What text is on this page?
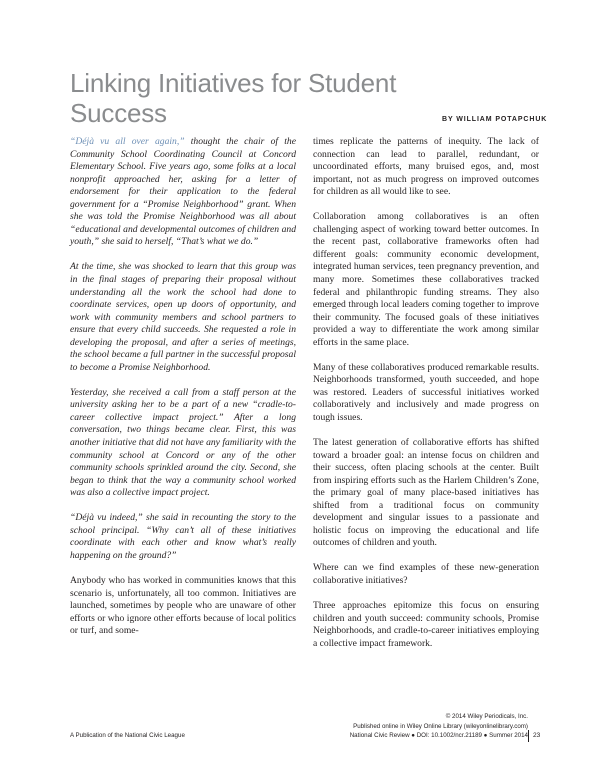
Linking Initiatives for Student Success	BY WILLIAM POTAPCHUK

“Déjà vu all over again,” thought the chair of the Community School Coordinating Council at Concord Elementary School. Five years ago, some folks at a local nonprofit approached her, asking for a letter of endorsement for their application to the federal government for a “Promise Neighborhood” grant. When she was told the Promise Neighborhood was all about “educational and developmental outcomes of children and youth,” she said to herself, “That’s what we do.”

At the time, she was shocked to learn that this group was in the final stages of preparing their proposal without understanding all the work the school had done to coordinate services, open up doors of opportunity, and work with community members and school partners to ensure that every child succeeds. She requested a role in developing the proposal, and after a series of meetings, the school became a full partner in the successful proposal to become a Promise Neighborhood.

Yesterday, she received a call from a staff person at the university asking her to be a part of a new “cradle-to-career collective impact project.” After a long conversation, two things became clear. First, this was another initiative that did not have any familiarity with the community school at Concord or any of the other community schools sprinkled around the city. Second, she began to think that the way a community school worked was also a collective impact project.

“Déjà vu indeed,” she said in recounting the story to the school principal. “Why can’t all of these initiatives coordinate with each other and know what’s really happening on the ground?”

Anybody who has worked in communities knows that this scenario is, unfortunately, all too common. Initiatives are launched, sometimes by people who are unaware of other efforts or who ignore other efforts because of local politics or turf, and some-

times replicate the patterns of inequity. The lack of connection can lead to parallel, redundant, or uncoordinated efforts, many bruised egos, and, most important, not as much progress on improved outcomes for children as all would like to see.

Collaboration among collaboratives is an often challenging aspect of working toward better outcomes. In the recent past, collaborative frameworks often had different goals: community economic development, integrated human services, teen pregnancy prevention, and many more. Sometimes these collaboratives tracked federal and philanthropic funding streams. They also emerged through local leaders coming together to improve their community. The focused goals of these initiatives provided a way to differentiate the work among similar efforts in the same place.

Many of these collaboratives produced remarkable results. Neighborhoods transformed, youth succeeded, and hope was restored. Leaders of successful initiatives worked collaboratively and inclusively and made progress on tough issues.

The latest generation of collaborative efforts has shifted toward a broader goal: an intense focus on children and their success, often placing schools at the center. Built from inspiring efforts such as the Harlem Children’s Zone, the primary goal of many place-based initiatives has shifted from a traditional focus on community development and singular issues to a passionate and holistic focus on improving the educational and life outcomes of children and youth.

Where can we find examples of these new-generation collaborative initiatives?

Three approaches epitomize this focus on ensuring children and youth succeed: community schools, Promise Neighborhoods, and cradle-to-career initiatives employing a collective impact framework.

A Publication of the National Civic League
© 2014 Wiley Periodicals, Inc.
Published online in Wiley Online Library (wileyonlinelibrary.com)
National Civic Review ● DOI: 10.1002/ncr.21189 ● Summer 2014 23
